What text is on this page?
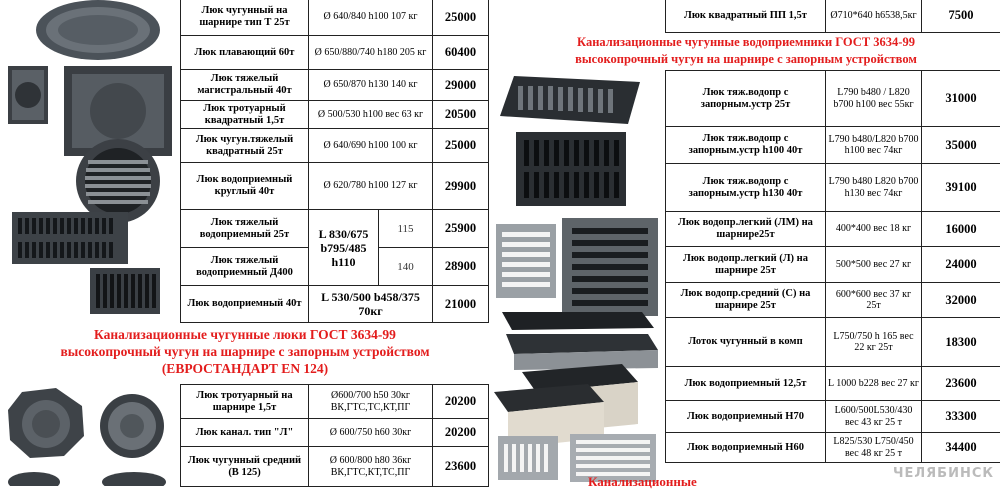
Люк чугунный на шарнире тип Т 25т	Ø 640/840 h100 107 кг		25000
Люк плавающий 60т	Ø 650/880/740 h180 205 кг		60400
Люк тяжелый магистральный 40т	Ø 650/870 h130 140 кг		29000
Люк тротуарный квадратный 1,5т	Ø 500/530 h100 вес 63 кг		20500
Люк чугун.тяжелый квадратный 25т	Ø 640/690 h100 100 кг		25000
Люк водоприемный круглый 40т	Ø 620/780 h100 127 кг		29900
Люк тяжелый водоприемный 25т	L 830/675 b795/485 h110	115	25900
Люк тяжелый водоприемный Д400		140	28900
Люк водоприемный 40т	L 530/500 b458/375 70кг		21000
Канализационные чугунные люки ГОСТ 3634-99
высокопрочный чугун на шарнире с запорным устройством
(ЕВРОСТАНДАРТ EN 124)
Люк тротуарный на шарнире 1,5т	Ø600/700 h50 30кг ВК,ГТС,ТС,КТ,ПГ	20200
Люк канал. тип "Л"	Ø 600/750 h60 30кг	20200
Люк чугунный средний (В 125)	Ø 600/800 h80 36кг ВК,ГТС,КТ,ТС,ПГ	23600
Люк квадратный ПП 1,5т	Ø710*640 h6538,5кг	7500
Канализационные чугунные водоприемники ГОСТ 3634-99
высокопрочный чугун на шарнире с запорным устройством
Люк тяж.водопр с запорным.устр 25т	L790 b480 / L820 b700 h100 вес 55кг	31000
Люк тяж.водопр с запорным.устр h100 40т	L790 b480/L820 b700 h100 вес 74кг	35000
Люк тяж.водопр с запорным.устр h130 40т	L790 b480 L820 b700 h130 вес 74кг	39100
Люк водопр.легкий (ЛМ) на шарнире25т	400*400 вес 18 кг	16000
Люк водопр.легкий (Л) на шарнире 25т	500*500 вес 27 кг	24000
Люк водопр.средний (С) на шарнире 25т	600*600 вес 37 кг 25т	32000
Лоток чугунный в комп	L750/750 h 165 вес 22 кг 25т	18300
Люк водоприемный 12,5т	L 1000 b228 вес 27 кг	23600
Люк водоприемный Н70	L600/500L530/430 вес 43 кг 25 т	33300
Люк водоприемный Н60	L825/530 L750/450 вес 48 кг 25 т	34400
Канализационные
ЧЕЛЯБИНСК
